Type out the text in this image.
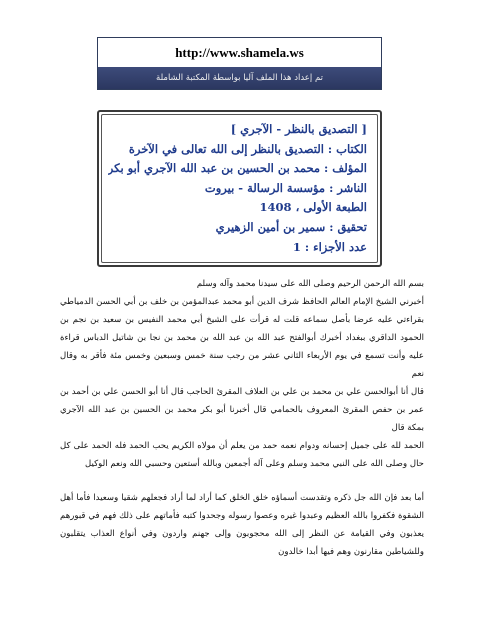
http://www.shamela.ws
تم إعداد هذا الملف آليا بواسطة المكتبة الشاملة
[ التصديق بالنظر - الآجري ]
الكتاب : التصديق بالنظر إلى الله تعالى في الآخرة
المؤلف : محمد بن الحسين بن عبد الله الآجري أبو بكر
الناشر : مؤسسة الرسالة - بيروت
الطبعة الأولى ، 1408
تحقيق : سمير بن أمين الزهيري
عدد الأجزاء : 1

بسم الله الرحمن الرحيم وصلى الله على سيدنا محمد وآله وسلم

أخبرني الشيخ الإمام العالم الحافظ شرف الدين أبو محمد عبدالمؤمن بن خلف بن أبي الحسن الدمياطي بقراءتي عليه عرضا بأصل سماعه قلت له قرأت على الشيخ أبي محمد النفيس بن سعيد بن نجم بن الحمود الداقري ببغداد أخبرك أبوالفتح عبد الله بن عبد الله بن محمد بن نجا بن شاتيل الدباس قراءة عليه وأنت تسمع في يوم الأربعاء الثاني عشر من رجب سنة خمس وسبعين وخمس مئة فأقر به وقال نعم

قال أنا أبوالحسن علي بن محمد بن علي بن العلاف المقرئ الحاجب قال أنا أبو الحسن علي بن أحمد بن عمر بن حفص المقرئ المعروف بالحمامي قال أخبرنا أبو بكر محمد بن الحسين بن عبد الله الآجري بمكة قال

الحمد لله على جميل إحسانه ودوام نعمه حمد من يعلم أن مولاه الكريم يحب الحمد فله الحمد على كل حال وصلى الله على النبي محمد وسلم وعلى آله أجمعين وبالله أستعين وحسبي الله ونعم الوكيل

أما بعد فإن الله جل ذكره وتقدست أسماؤه خلق الخلق كما أراد لما أراد فجعلهم شقيا وسعيدا فأما أهل الشقوة فكفروا بالله العظيم وعبدوا غيره وعصوا رسوله وجحدوا كتبه فأماتهم على ذلك فهم في قبورهم يعذبون وفي القيامة عن النظر إلى الله محجوبون وإلى جهنم واردون وفي أنواع العذاب يتقلبون وللشياطين مقارنون وهم فيها أبدا خالدون
